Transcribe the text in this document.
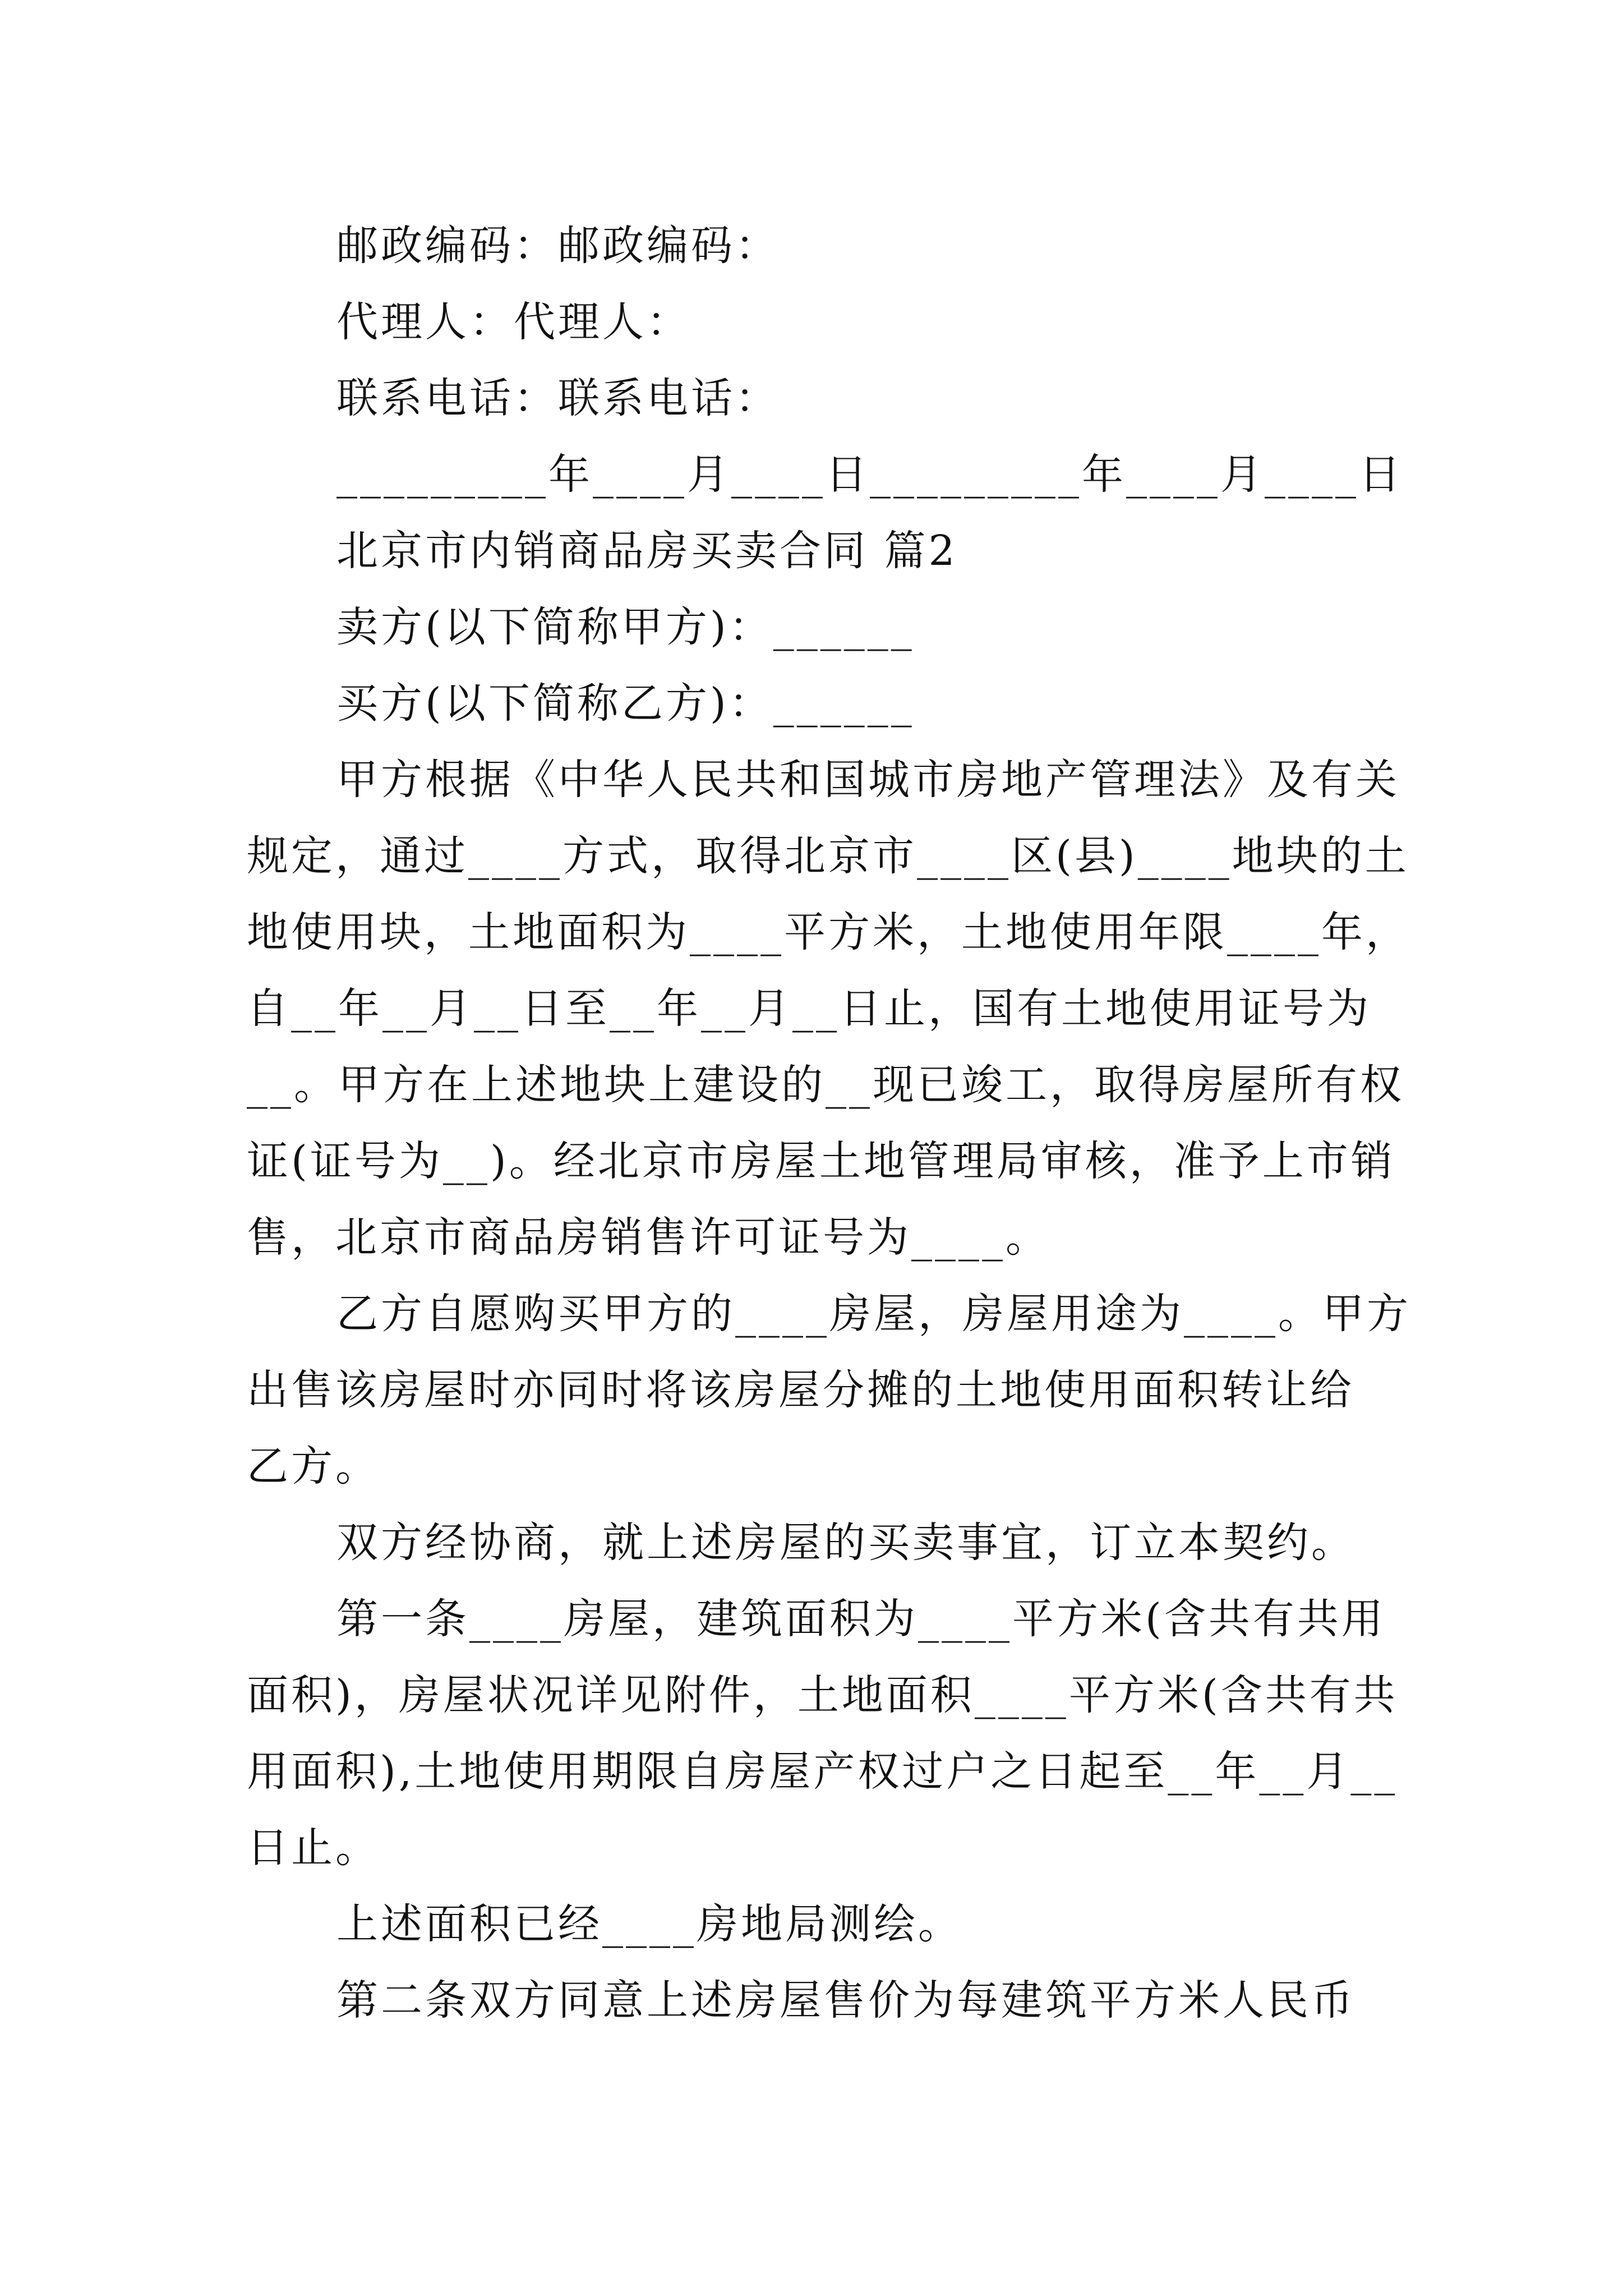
邮政编码：邮政编码：
代理人：代理人：
联系电话：联系电话：
_________年____月____日_________年____月____日
北京市内销商品房买卖合同 篇2
卖方(以下简称甲方)：______
买方(以下简称乙方)：______
甲方根据《中华人民共和国城市房地产管理法》及有关
规定，通过____方式，取得北京市____区(县)____地块的土
地使用块，土地面积为____平方米，土地使用年限____年，
自__年__月__日至__年__月__日止，国有土地使用证号为
__。甲方在上述地块上建设的__现已竣工，取得房屋所有权
证(证号为__)。经北京市房屋土地管理局审核，准予上市销
售，北京市商品房销售许可证号为____。
乙方自愿购买甲方的____房屋，房屋用途为____。甲方
出售该房屋时亦同时将该房屋分摊的土地使用面积转让给
乙方。
双方经协商，就上述房屋的买卖事宜，订立本契约。
第一条____房屋，建筑面积为____平方米(含共有共用
面积)，房屋状况详见附件，土地面积____平方米(含共有共
用面积),土地使用期限自房屋产权过户之日起至__年__月__
日止。
上述面积已经____房地局测绘。
第二条双方同意上述房屋售价为每建筑平方米人民币
